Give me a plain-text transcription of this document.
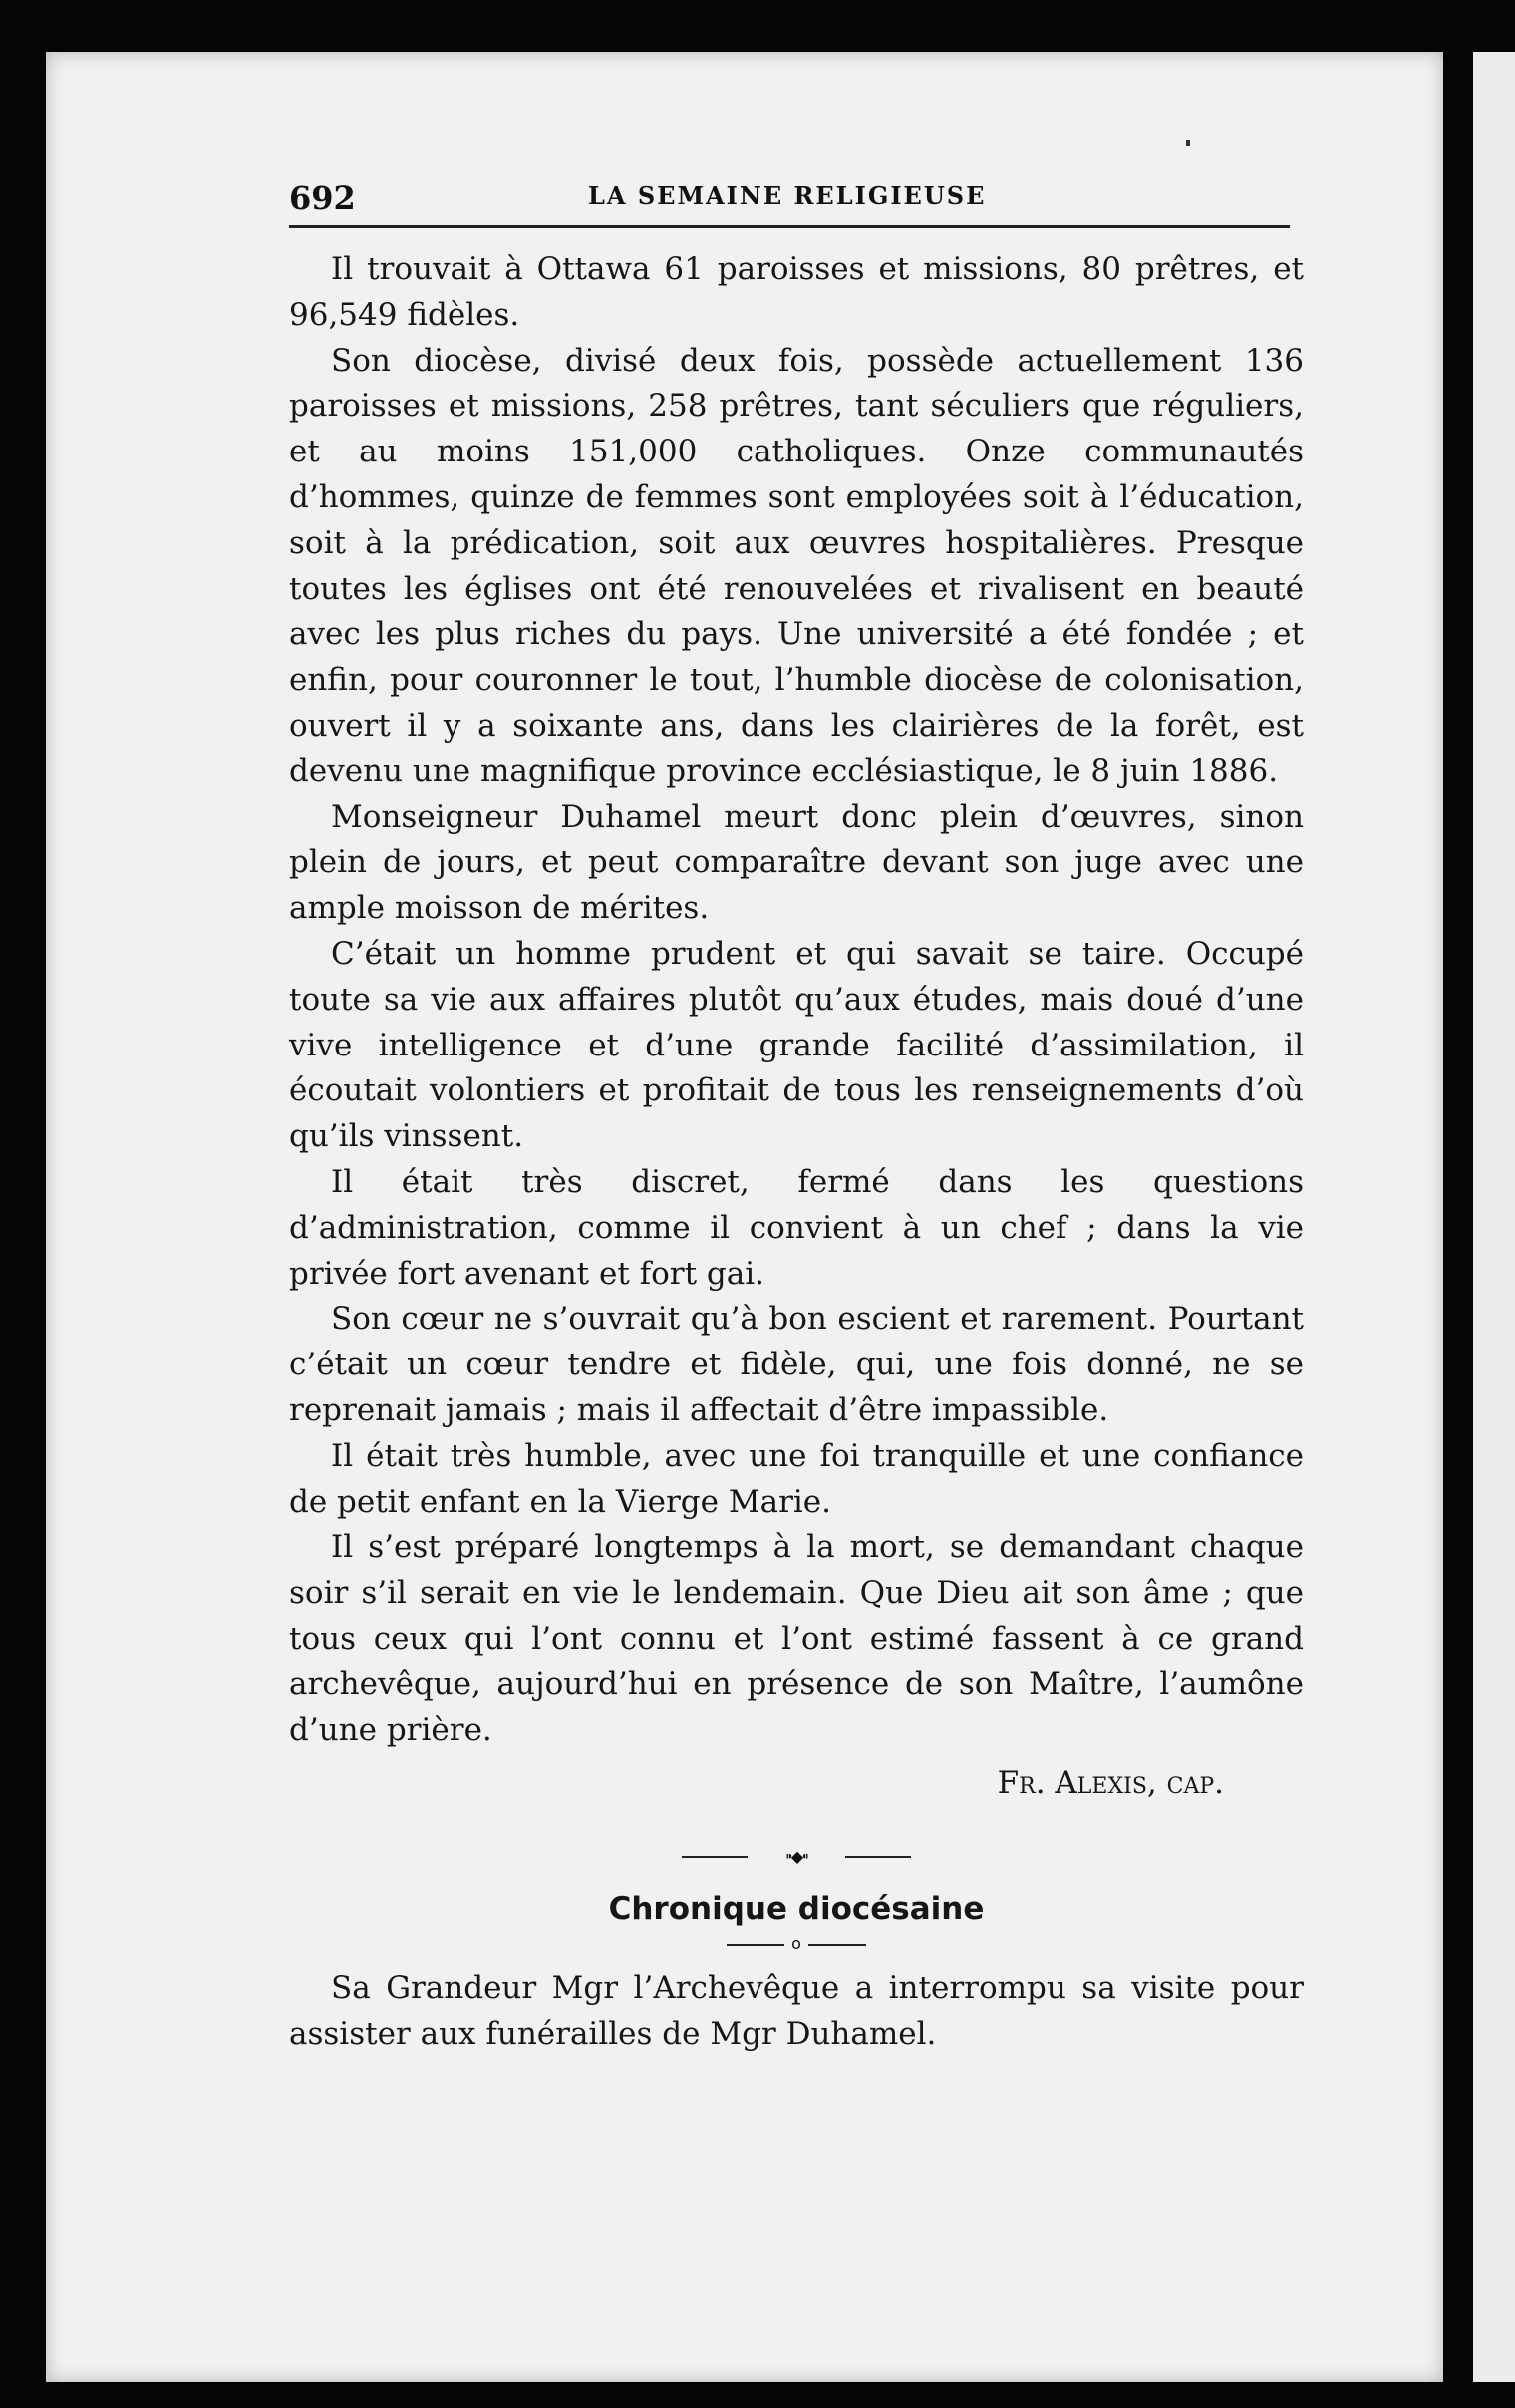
692	LA SEMAINE RELIGIEUSE

Il trouvait à Ottawa 61 paroisses et missions, 80 prêtres, et 96,549 fidèles.

Son diocèse, divisé deux fois, possède actuellement 136 paroisses et missions, 258 prêtres, tant séculiers que réguliers, et au moins 151,000 catholiques. Onze communautés d’hommes, quinze de femmes sont employées soit à l’éducation, soit à la prédication, soit aux œuvres hospitalières. Presque toutes les églises ont été renouvelées et rivalisent en beauté avec les plus riches du pays. Une université a été fondée ; et enfin, pour couronner le tout, l’humble diocèse de colonisation, ouvert il y a soixante ans, dans les clairières de la forêt, est devenu une magnifique province ecclésiastique, le 8 juin 1886.

Monseigneur Duhamel meurt donc plein d’œuvres, sinon plein de jours, et peut comparaître devant son juge avec une ample moisson de mérites.

C’était un homme prudent et qui savait se taire. Occupé toute sa vie aux affaires plutôt qu’aux études, mais doué d’une vive intelligence et d’une grande facilité d’assimilation, il écoutait volontiers et profitait de tous les renseignements d’où qu’ils vinssent.

Il était très discret, fermé dans les questions d’administration, comme il convient à un chef ; dans la vie privée fort avenant et fort gai.

Son cœur ne s’ouvrait qu’à bon escient et rarement. Pourtant c’était un cœur tendre et fidèle, qui, une fois donné, ne se reprenait jamais ; mais il affectait d’être impassible.

Il était très humble, avec une foi tranquille et une confiance de petit enfant en la Vierge Marie.

Il s’est préparé longtemps à la mort, se demandant chaque soir s’il serait en vie le lendemain. Que Dieu ait son âme ; que tous ceux qui l’ont connu et l’ont estimé fassent à ce grand archevêque, aujourd’hui en présence de son Maître, l’aumône d’une prière.

Fr. Alexis, cap.

⁍◆⁌

Chronique diocésaine

o

Sa Grandeur Mgr l’Archevêque a interrompu sa visite pour assister aux funérailles de Mgr Duhamel.
